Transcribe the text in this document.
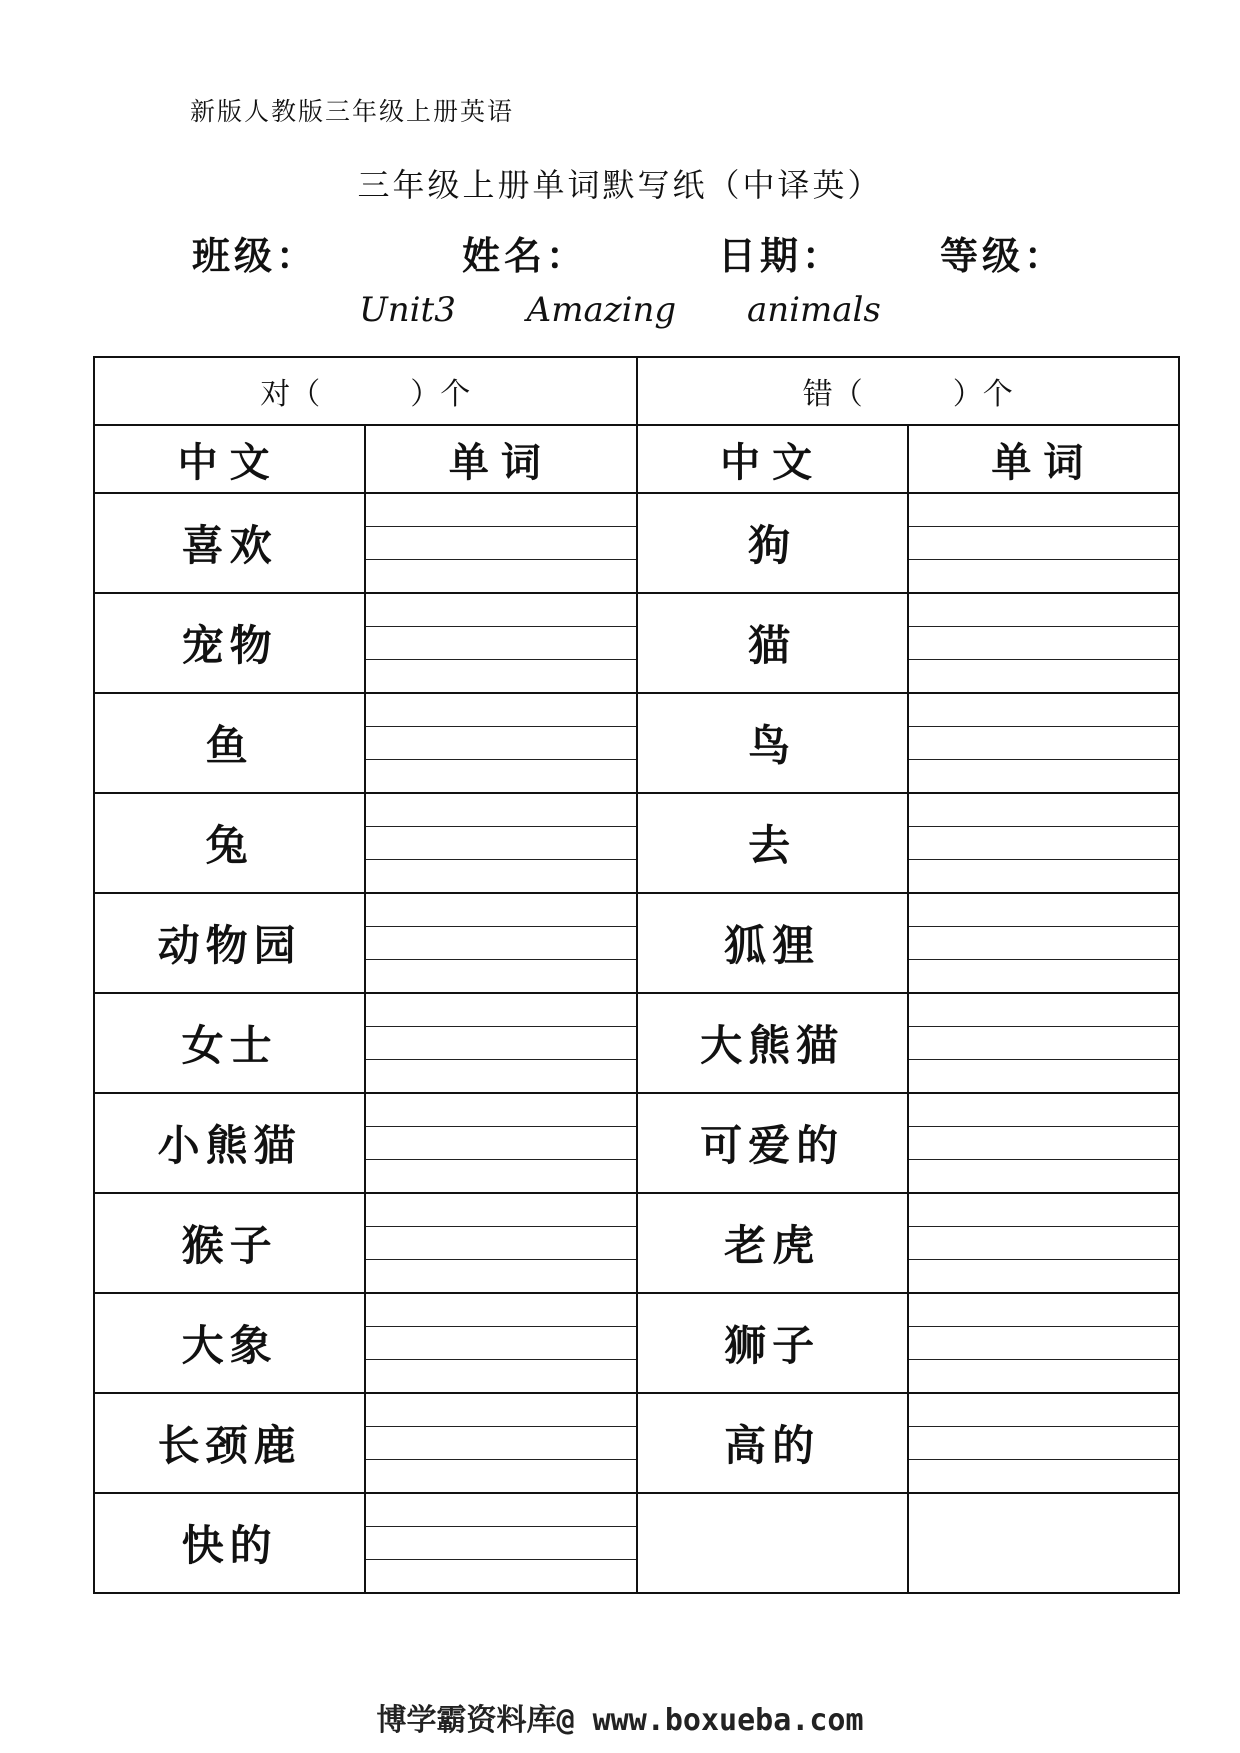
新版人教版三年级上册英语
三年级上册单词默写纸（中译英）
班级：	姓名：	日期：	等级：
Unit3 Amazing animals
对（　　　）个		错（　　　）个	
中文	单词	中文	单词
喜欢		狗	

宠物		猫	

鱼		鸟	

兔		去	

动物园		狐狸	

女士		大熊猫	

小熊猫		可爱的	

猴子		老虎	

大象		狮子	

长颈鹿		高的	

快的	

博学霸资料库@ www.boxueba.com
